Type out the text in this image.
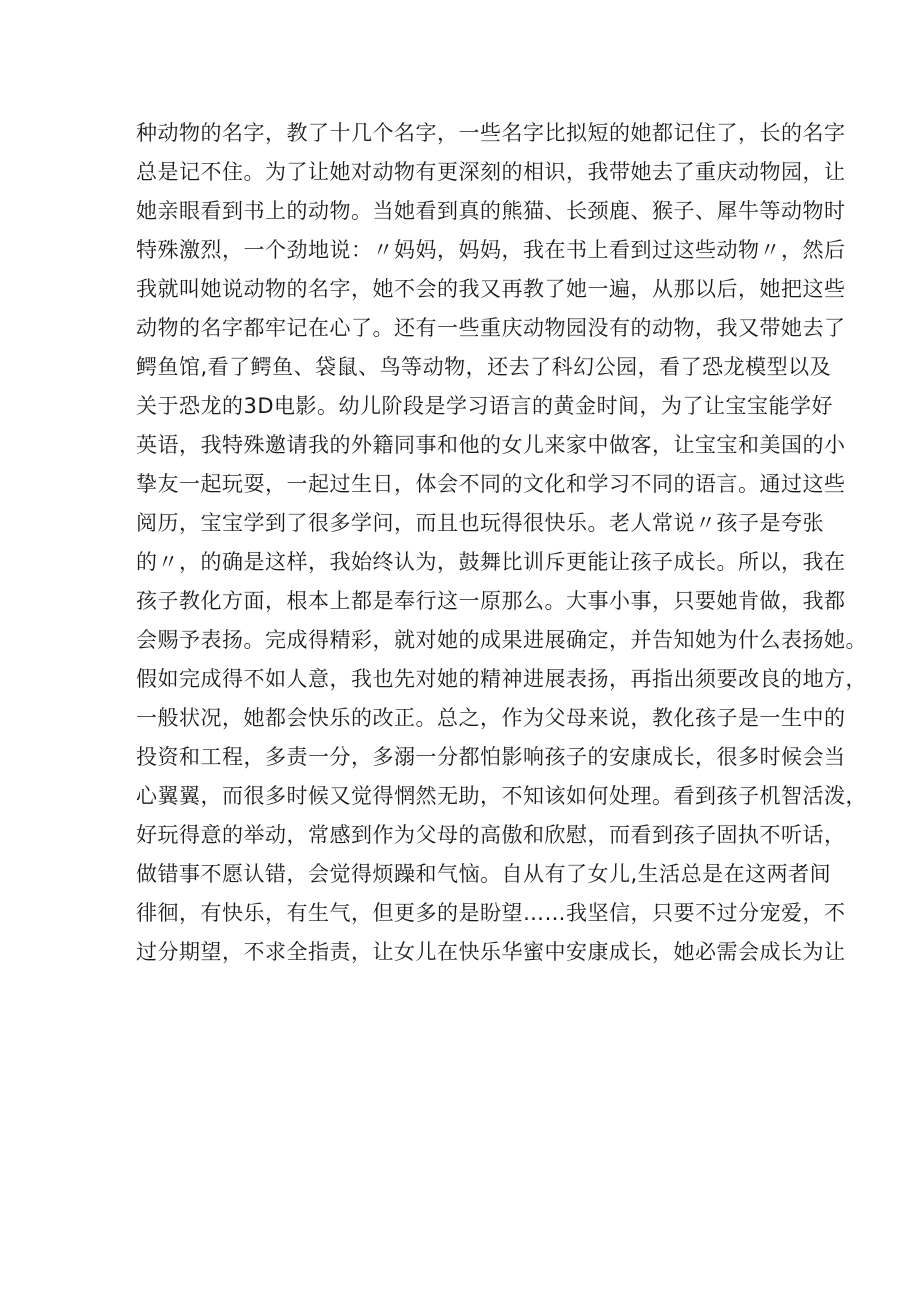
种动物的名字，教了十几个名字，一些名字比拟短的她都记住了，长的名字
总是记不住。为了让她对动物有更深刻的相识，我带她去了重庆动物园，让
她亲眼看到书上的动物。当她看到真的熊猫、长颈鹿、猴子、犀牛等动物时
特殊激烈，一个劲地说：〃妈妈，妈妈，我在书上看到过这些动物〃，然后
我就叫她说动物的名字，她不会的我又再教了她一遍，从那以后，她把这些
动物的名字都牢记在心了。还有一些重庆动物园没有的动物，我又带她去了
鳄鱼馆,看了鳄鱼、袋鼠、鸟等动物，还去了科幻公园，看了恐龙模型以及
关于恐龙的3D电影。幼儿阶段是学习语言的黄金时间，为了让宝宝能学好
英语，我特殊邀请我的外籍同事和他的女儿来家中做客，让宝宝和美国的小
挚友一起玩耍，一起过生日，体会不同的文化和学习不同的语言。通过这些
阅历，宝宝学到了很多学问，而且也玩得很快乐。老人常说〃孩子是夸张
的〃，的确是这样，我始终认为，鼓舞比训斥更能让孩子成长。所以，我在
孩子教化方面，根本上都是奉行这一原那么。大事小事，只要她肯做，我都
会赐予表扬。完成得精彩，就对她的成果进展确定，并告知她为什么表扬她。
假如完成得不如人意，我也先对她的精神进展表扬，再指出须要改良的地方，
一般状况，她都会快乐的改正。总之，作为父母来说，教化孩子是一生中的
投资和工程，多责一分，多溺一分都怕影响孩子的安康成长，很多时候会当
心翼翼，而很多时候又觉得惘然无助，不知该如何处理。看到孩子机智活泼，
好玩得意的举动，常感到作为父母的高傲和欣慰，而看到孩子固执不听话，
做错事不愿认错，会觉得烦躁和气恼。自从有了女儿,生活总是在这两者间
徘徊，有快乐，有生气，但更多的是盼望……我坚信，只要不过分宠爱，不
过分期望，不求全指责，让女儿在快乐华蜜中安康成长，她必需会成长为让
